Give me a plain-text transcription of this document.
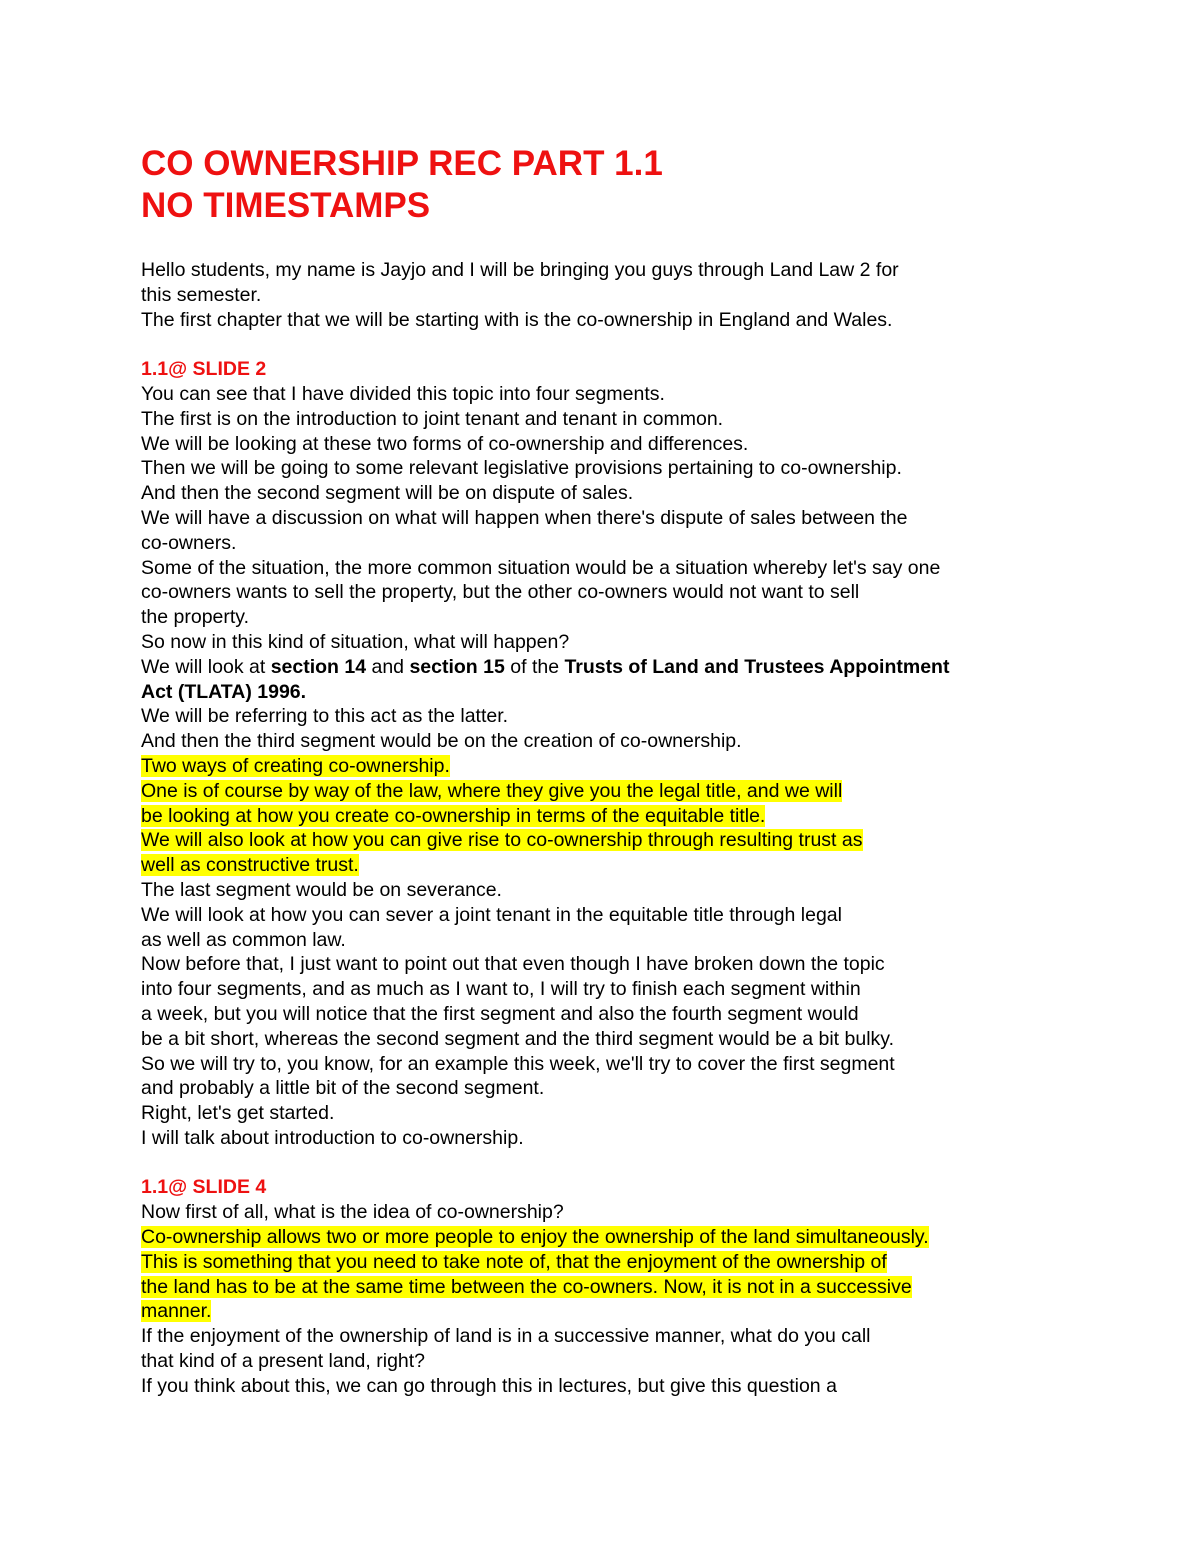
CO OWNERSHIP REC PART 1.1
NO TIMESTAMPS
Hello students, my name is Jayjo and I will be bringing you guys through Land Law 2 for
this semester.
The first chapter that we will be starting with is the co-ownership in England and Wales.
1.1@ SLIDE 2
You can see that I have divided this topic into four segments.
The first is on the introduction to joint tenant and tenant in common.
We will be looking at these two forms of co-ownership and differences.
Then we will be going to some relevant legislative provisions pertaining to co-ownership.
And then the second segment will be on dispute of sales.
We will have a discussion on what will happen when there's dispute of sales between the
co-owners.
Some of the situation, the more common situation would be a situation whereby let's say one
co-owners wants to sell the property, but the other co-owners would not want to sell
the property.
So now in this kind of situation, what will happen?
We will look at section 14 and section 15 of the Trusts of Land and Trustees Appointment
Act (TLATA) 1996.
We will be referring to this act as the latter.
And then the third segment would be on the creation of co-ownership.
Two ways of creating co-ownership.
One is of course by way of the law, where they give you the legal title, and we will
be looking at how you create co-ownership in terms of the equitable title.
We will also look at how you can give rise to co-ownership through resulting trust as
well as constructive trust.
The last segment would be on severance.
We will look at how you can sever a joint tenant in the equitable title through legal
as well as common law.
Now before that, I just want to point out that even though I have broken down the topic
into four segments, and as much as I want to, I will try to finish each segment within
a week, but you will notice that the first segment and also the fourth segment would
be a bit short, whereas the second segment and the third segment would be a bit bulky.
So we will try to, you know, for an example this week, we'll try to cover the first segment
and probably a little bit of the second segment.
Right, let's get started.
I will talk about introduction to co-ownership.
1.1@ SLIDE 4
Now first of all, what is the idea of co-ownership?
Co-ownership allows two or more people to enjoy the ownership of the land simultaneously.
This is something that you need to take note of, that the enjoyment of the ownership of
the land has to be at the same time between the co-owners. Now, it is not in a successive
manner.
If the enjoyment of the ownership of land is in a successive manner, what do you call
that kind of a present land, right?
If you think about this, we can go through this in lectures, but give this question a
